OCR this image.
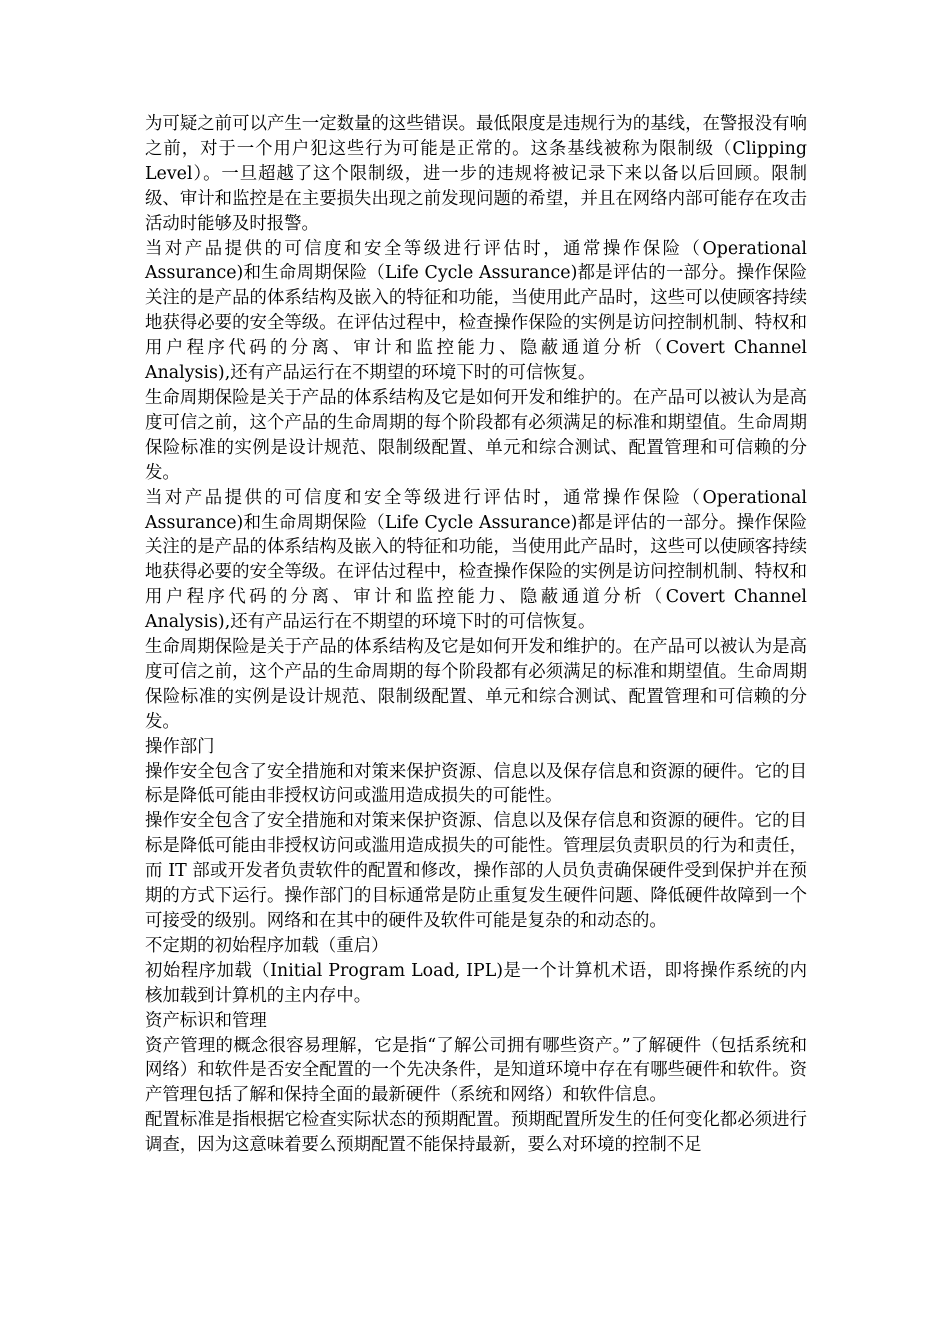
为可疑之前可以产生一定数量的这些错误。最低限度是违规行为的基线，在警报没有响之前，对于一个用户犯这些行为可能是正常的。这条基线被称为限制级（Clipping Level）。一旦超越了这个限制级，进一步的违规将被记录下来以备以后回顾。限制级、审计和监控是在主要损失出现之前发现问题的希望，并且在网络内部可能存在攻击活动时能够及时报警。

当对产品提供的可信度和安全等级进行评估时，通常操作保险（Operational Assurance)和生命周期保险（Life Cycle Assurance)都是评估的一部分。操作保险关注的是产品的体系结构及嵌入的特征和功能，当使用此产品时，这些可以使顾客持续地获得必要的安全等级。在评估过程中，检查操作保险的实例是访问控制机制、特权和用户程序代码的分离、审计和监控能力、隐蔽通道分析（Covert Channel Analysis),还有产品运行在不期望的环境下时的可信恢复。

生命周期保险是关于产品的体系结构及它是如何开发和维护的。在产品可以被认为是高度可信之前，这个产品的生命周期的每个阶段都有必须满足的标准和期望值。生命周期保险标准的实例是设计规范、限制级配置、单元和综合测试、配置管理和可信赖的分发。

当对产品提供的可信度和安全等级进行评估时，通常操作保险（Operational Assurance)和生命周期保险（Life Cycle Assurance)都是评估的一部分。操作保险关注的是产品的体系结构及嵌入的特征和功能，当使用此产品时，这些可以使顾客持续地获得必要的安全等级。在评估过程中，检查操作保险的实例是访问控制机制、特权和用户程序代码的分离、审计和监控能力、隐蔽通道分析（Covert Channel Analysis),还有产品运行在不期望的环境下时的可信恢复。

生命周期保险是关于产品的体系结构及它是如何开发和维护的。在产品可以被认为是高度可信之前，这个产品的生命周期的每个阶段都有必须满足的标准和期望值。生命周期保险标准的实例是设计规范、限制级配置、单元和综合测试、配置管理和可信赖的分发。

操作部门

操作安全包含了安全措施和对策来保护资源、信息以及保存信息和资源的硬件。它的目标是降低可能由非授权访问或滥用造成损失的可能性。

操作安全包含了安全措施和对策来保护资源、信息以及保存信息和资源的硬件。它的目标是降低可能由非授权访问或滥用造成损失的可能性。管理层负责职员的行为和责任，而 IT 部或开发者负责软件的配置和修改，操作部的人员负责确保硬件受到保护并在预期的方式下运行。操作部门的目标通常是防止重复发生硬件问题、降低硬件故障到一个可接受的级别。网络和在其中的硬件及软件可能是复杂的和动态的。

不定期的初始程序加载（重启）

初始程序加载（Initial Program Load, IPL)是一个计算机术语，即将操作系统的内核加载到计算机的主内存中。

资产标识和管理

资产管理的概念很容易理解，它是指“了解公司拥有哪些资产。”了解硬件（包括系统和网络）和软件是否安全配置的一个先决条件，是知道环境中存在有哪些硬件和软件。资产管理包括了解和保持全面的最新硬件（系统和网络）和软件信息。

配置标准是指根据它检查实际状态的预期配置。预期配置所发生的任何变化都必须进行调查，因为这意味着要么预期配置不能保持最新，要么对环境的控制不足
